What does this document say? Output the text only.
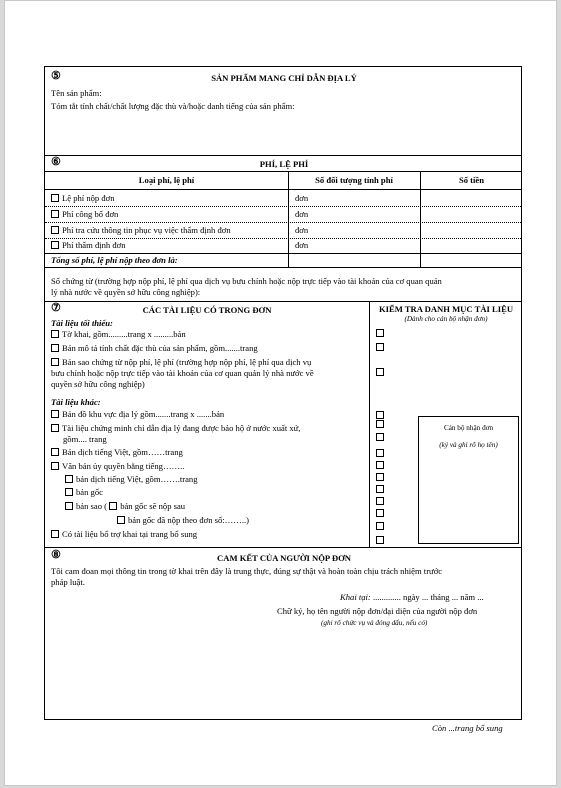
⑤	SẢN PHẨM MANG CHỈ DẪN ĐỊA LÝ
Tên sản phẩm:
Tóm tắt tính chất/chất lượng đặc thù và/hoặc danh tiếng của sản phẩm:
⑥	PHÍ, LỆ PHÍ
Loại phí, lệ phí	Số đối tượng tính phí	Số tiền
Lệ phí nộp đơn	đơn
Phí công bố đơn	đơn
Phí tra cứu thông tin phục vụ việc thẩm định đơn	đơn
Phí thẩm định đơn	đơn
Tổng số phí, lệ phí nộp theo đơn là:
Số chứng từ (trường hợp nộp phí, lệ phí qua dịch vụ bưu chính hoặc nộp trực tiếp vào tài khoản của cơ quan quản
lý nhà nước về quyền sở hữu công nghiệp):
⑦	CÁC TÀI LIỆU CÓ TRONG ĐƠN
Tài liệu tối thiểu:
Tờ khai, gồm.........trang x .........bản
Bản mô tả tính chất đặc thù của sản phẩm, gồm.......trang
Bản sao chứng từ nộp phí, lệ phí (trường hợp nộp phí, lệ phí qua dịch vụ
bưu chính hoặc nộp trực tiếp vào tài khoản của cơ quan quản lý nhà nước về
quyền sở hữu công nghiệp)
Tài liệu khác:
Bản đồ khu vực địa lý gồm.......trang x .......bản
Tài liệu chứng minh chỉ dẫn địa lý đang được bảo hộ ở nước xuất xứ,
gồm.... trang
Bản dịch tiếng Việt, gồm……trang
Văn bản ủy quyền bằng tiếng……..
bản dịch tiếng Việt, gồm…….trang
bản gốc
bản sao ( bản gốc sẽ nộp sau
bản gốc đã nộp theo đơn số:……..)
Có tài liệu bổ trợ khai tại trang bổ sung
KIỂM TRA DANH MỤC TÀI LIỆU
(Dành cho cán bộ nhận đơn)
Cán bộ nhận đơn
(ký và ghi rõ họ tên)
⑧	CAM KẾT CỦA NGƯỜI NỘP ĐƠN
Tôi cam đoan mọi thông tin trong tờ khai trên đây là trung thực, đúng sự thật và hoàn toàn chịu trách nhiệm trước
pháp luật.
Khai tại: ............. ngày ... tháng ... năm ...
Chữ ký, họ tên người nộp đơn/đại diện của người nộp đơn
(ghi rõ chức vụ và đóng dấu, nếu có)
Còn ...trang bổ sung
